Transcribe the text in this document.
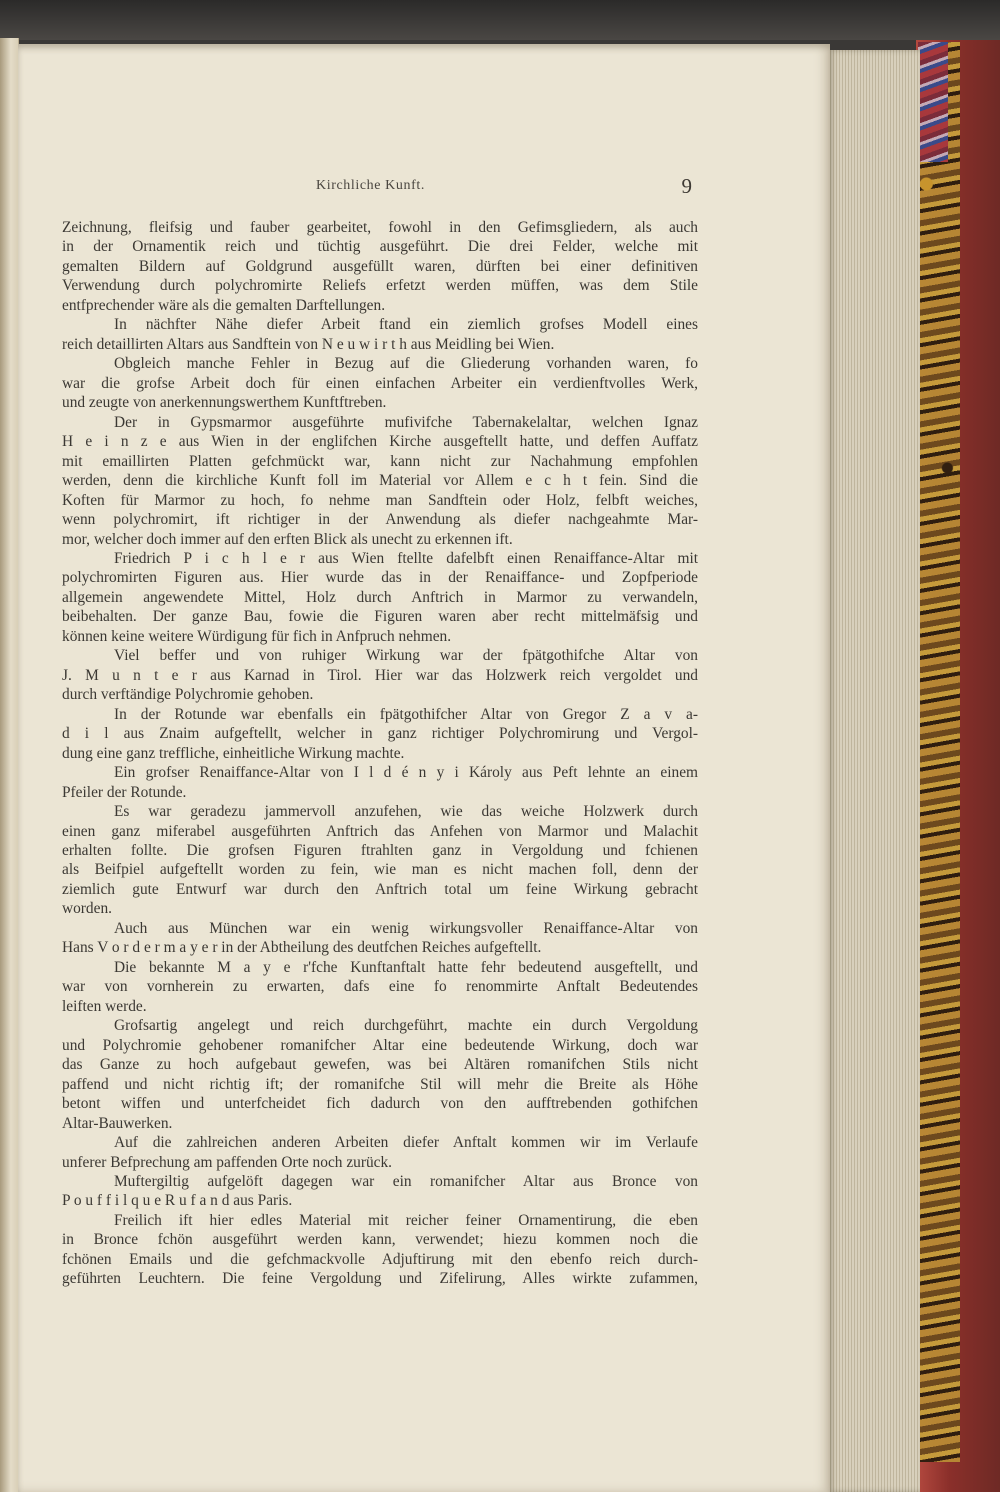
Kirchliche Kunft.	9
Zeichnung, fleifsig und fauber gearbeitet, fowohl in den Gefimsgliedern, als auch
in der Ornamentik reich und tüchtig ausgeführt. Die drei Felder, welche mit
gemalten Bildern auf Goldgrund ausgefüllt waren, dürften bei einer definitiven
Verwendung durch polychromirte Reliefs erfetzt werden müffen, was dem Stile
entfprechender wäre als die gemalten Darftellungen.
In nächfter Nähe diefer Arbeit ftand ein ziemlich grofses Modell eines
reich detaillirten Altars aus Sandftein von N e u w i r t h aus Meidling bei Wien.
Obgleich manche Fehler in Bezug auf die Gliederung vorhanden waren, fo
war die grofse Arbeit doch für einen einfachen Arbeiter ein verdienftvolles Werk,
und zeugte von anerkennungswerthem Kunftftreben.
Der in Gypsmarmor ausgeführte mufivifche Tabernakelaltar, welchen Ignaz
H e i n z e aus Wien in der englifchen Kirche ausgeftellt hatte, und deffen Auffatz
mit emaillirten Platten gefchmückt war, kann nicht zur Nachahmung empfohlen
werden, denn die kirchliche Kunft foll im Material vor Allem e c h t fein. Sind die
Koften für Marmor zu hoch, fo nehme man Sandftein oder Holz, felbft weiches,
wenn polychromirt, ift richtiger in der Anwendung als diefer nachgeahmte Mar-
mor, welcher doch immer auf den erften Blick als unecht zu erkennen ift.
Friedrich P i c h l e r aus Wien ftellte dafelbft einen Renaiffance-Altar mit
polychromirten Figuren aus. Hier wurde das in der Renaiffance- und Zopfperiode
allgemein angewendete Mittel, Holz durch Anftrich in Marmor zu verwandeln,
beibehalten. Der ganze Bau, fowie die Figuren waren aber recht mittelmäfsig und
können keine weitere Würdigung für fich in Anfpruch nehmen.
Viel beffer und von ruhiger Wirkung war der fpätgothifche Altar von
J. M u n t e r aus Karnad in Tirol. Hier war das Holzwerk reich vergoldet und
durch verftändige Polychromie gehoben.
In der Rotunde war ebenfalls ein fpätgothifcher Altar von Gregor Z a v a-
d i l aus Znaim aufgeftellt, welcher in ganz richtiger Polychromirung und Vergol-
dung eine ganz treffliche, einheitliche Wirkung machte.
Ein grofser Renaiffance-Altar von I l d é n y i Károly aus Peft lehnte an einem
Pfeiler der Rotunde.
Es war geradezu jammervoll anzufehen, wie das weiche Holzwerk durch
einen ganz miferabel ausgeführten Anftrich das Anfehen von Marmor und Malachit
erhalten follte. Die grofsen Figuren ftrahlten ganz in Vergoldung und fchienen
als Beifpiel aufgeftellt worden zu fein, wie man es nicht machen foll, denn der
ziemlich gute Entwurf war durch den Anftrich total um feine Wirkung gebracht
worden.
Auch aus München war ein wenig wirkungsvoller Renaiffance-Altar von
Hans V o r d e r m a y e r in der Abtheilung des deutfchen Reiches aufgeftellt.
Die bekannte M a y e r'fche Kunftanftalt hatte fehr bedeutend ausgeftellt, und
war von vornherein zu erwarten, dafs eine fo renommirte Anftalt Bedeutendes
leiften werde.
Grofsartig angelegt und reich durchgeführt, machte ein durch Vergoldung
und Polychromie gehobener romanifcher Altar eine bedeutende Wirkung, doch war
das Ganze zu hoch aufgebaut gewefen, was bei Altären romanifchen Stils nicht
paffend und nicht richtig ift; der romanifche Stil will mehr die Breite als Höhe
betont wiffen und unterfcheidet fich dadurch von den aufftrebenden gothifchen
Altar-Bauwerken.
Auf die zahlreichen anderen Arbeiten diefer Anftalt kommen wir im Verlaufe
unferer Befprechung am paffenden Orte noch zurück.
Muftergiltig aufgelöft dagegen war ein romanifcher Altar aus Bronce von
P o u f f i l q u e R u f a n d aus Paris.
Freilich ift hier edles Material mit reicher feiner Ornamentirung, die eben
in Bronce fchön ausgeführt werden kann, verwendet; hiezu kommen noch die
fchönen Emails und die gefchmackvolle Adjuftirung mit den ebenfo reich durch-
geführten Leuchtern. Die feine Vergoldung und Zifelirung, Alles wirkte zufammen,
